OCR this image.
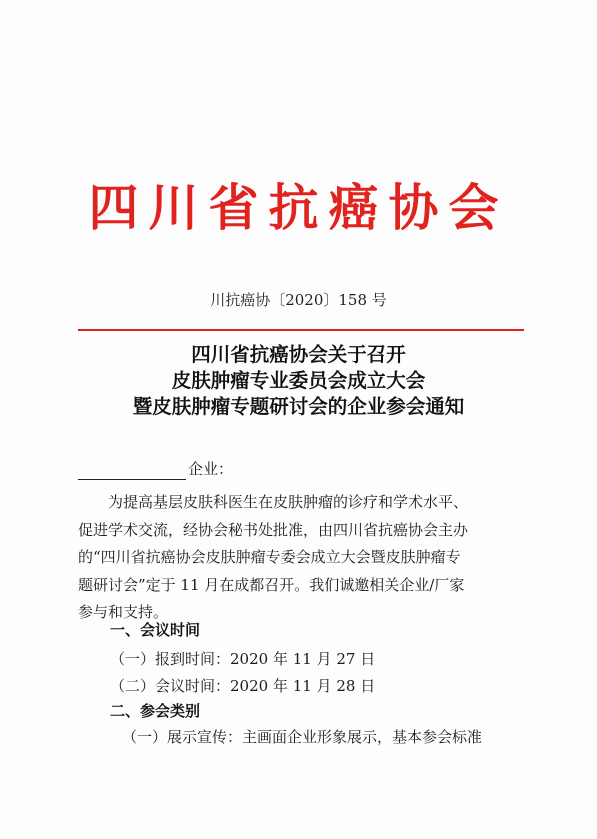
四川省抗癌协会
川抗癌协〔2020〕158 号
四川省抗癌协会关于召开
皮肤肿瘤专业委员会成立大会
暨皮肤肿瘤专题研讨会的企业参会通知
企业：
为提高基层皮肤科医生在皮肤肿瘤的诊疗和学术水平、
促进学术交流，经协会秘书处批准，由四川省抗癌协会主办
的“四川省抗癌协会皮肤肿瘤专委会成立大会暨皮肤肿瘤专
题研讨会”定于 11 月在成都召开。我们诚邀相关企业/厂家
参与和支持。
一、会议时间
（一）报到时间：2020 年 11 月 27 日
（二）会议时间：2020 年 11 月 28 日
二、参会类别
（一）展示宣传：主画面企业形象展示，基本参会标准
